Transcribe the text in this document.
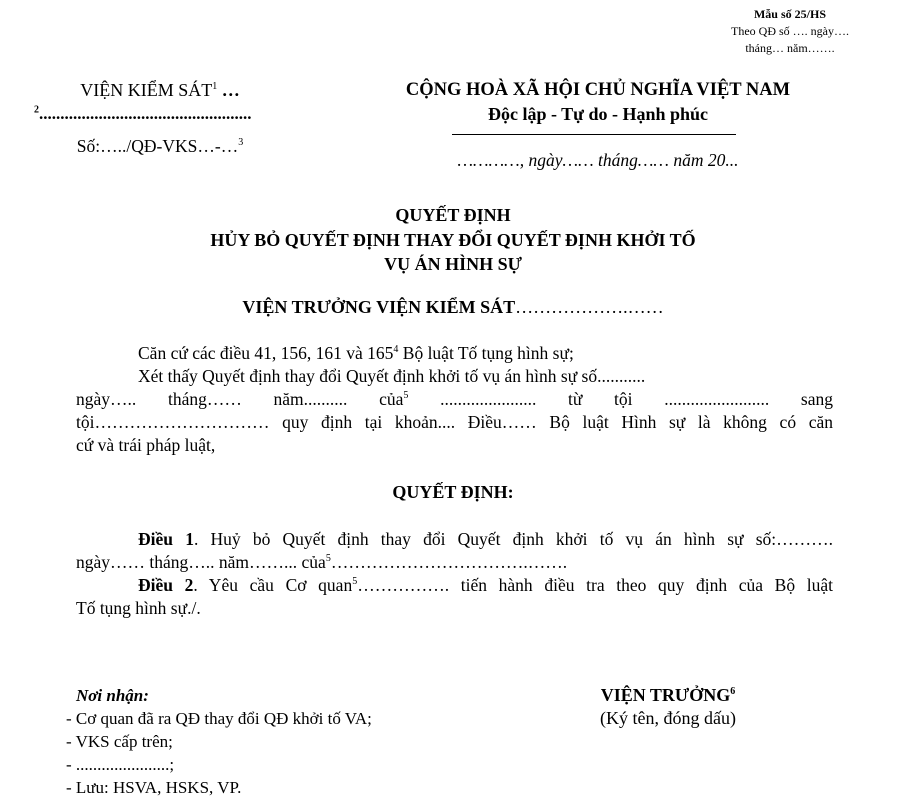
Mẫu số 25/HS
Theo QĐ số …. ngày….
tháng… năm…….
VIỆN KIỂM SÁT$^1$ …
$^2$..................................................
Số:…../QĐ-VKS…-…$^3$
CỘNG HOÀ XÃ HỘI CHỦ NGHĨA VIỆT NAM
Độc lập - Tự do - Hạnh phúc
…………, ngày…… tháng…… năm 20...
QUYẾT ĐỊNH
HỦY BỎ QUYẾT ĐỊNH THAY ĐỔI QUYẾT ĐỊNH KHỞI TỐ
VỤ ÁN HÌNH SỰ
VIỆN TRƯỞNG VIỆN KIỂM SÁT……………….……
Căn cứ các điều 41, 156, 161 và $165^4$ Bộ luật Tố tụng hình sự;
Xét thấy Quyết định thay đổi Quyết định khởi tố vụ án hình sự số...........
ngày….. tháng…… năm.......... của$^5$ ...................... từ tội ........................ sang
tội………………………… quy định tại khoản.... Điều…… Bộ luật Hình sự là không có căn
cứ và trái pháp luật,
QUYẾT ĐỊNH:
Điều 1. Huỷ bỏ Quyết định thay đổi Quyết định khởi tố vụ án hình sự số:……….
ngày…… tháng….. năm……... của$^5$…………………………….…….
Điều 2. Yêu cầu Cơ quan$^5$……………. tiến hành điều tra theo quy định của Bộ luật
Tố tụng hình sự./.
Nơi nhận:
- Cơ quan đã ra QĐ thay đổi QĐ khởi tố VA;
- VKS cấp trên;
- ......................;
- Lưu: HSVA, HSKS, VP.
VIỆN TRƯỞNG$^6$
(Ký tên, đóng dấu)
